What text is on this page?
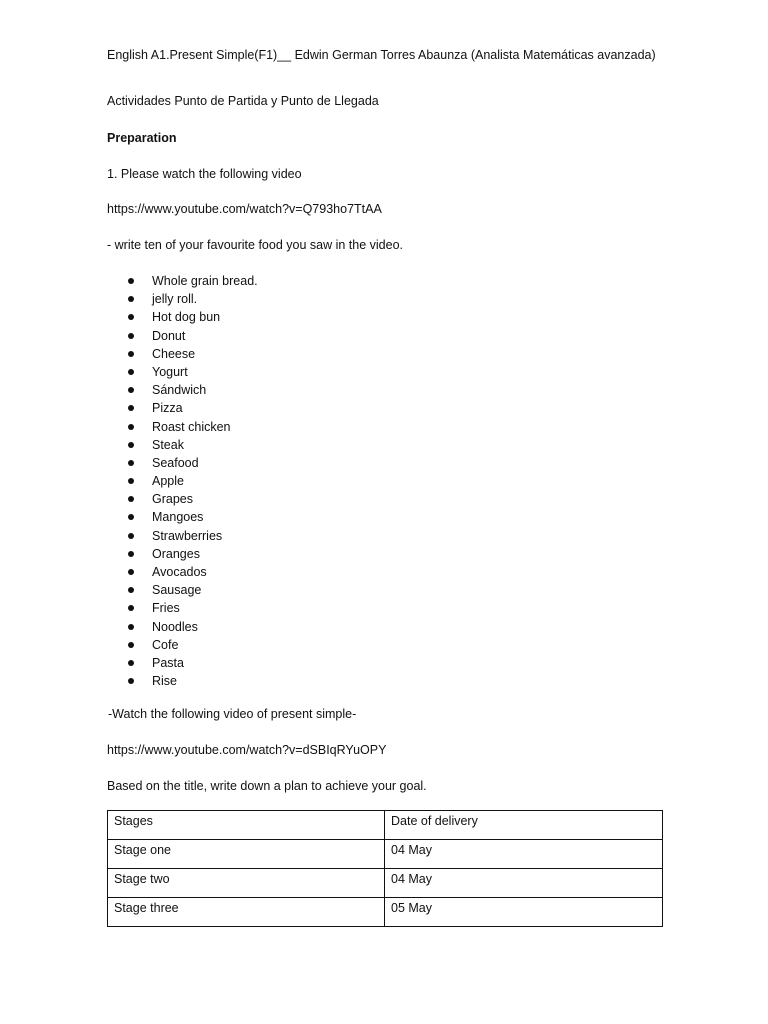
English A1.Present Simple(F1)__ Edwin German Torres Abaunza (Analista Matemáticas avanzada)

Actividades Punto de Partida y Punto de Llegada

Preparation

1. Please watch the following video

https://www.youtube.com/watch?v=Q793ho7TtAA

- write ten of your favourite food you saw in the video.

Whole grain bread.
jelly roll.
Hot dog bun
Donut
Cheese
Yogurt
Sándwich
Pizza
Roast chicken
Steak
Seafood
Apple
Grapes
Mangoes
Strawberries
Oranges
Avocados
Sausage
Fries
Noodles
Cofe
Pasta
Rise

-Watch the following video of present simple-

https://www.youtube.com/watch?v=dSBIqRYuOPY

Based on the title, write down a plan to achieve your goal.

Stages	Date of delivery

Stage one	04 May

Stage two	04 May

Stage three	05 May
